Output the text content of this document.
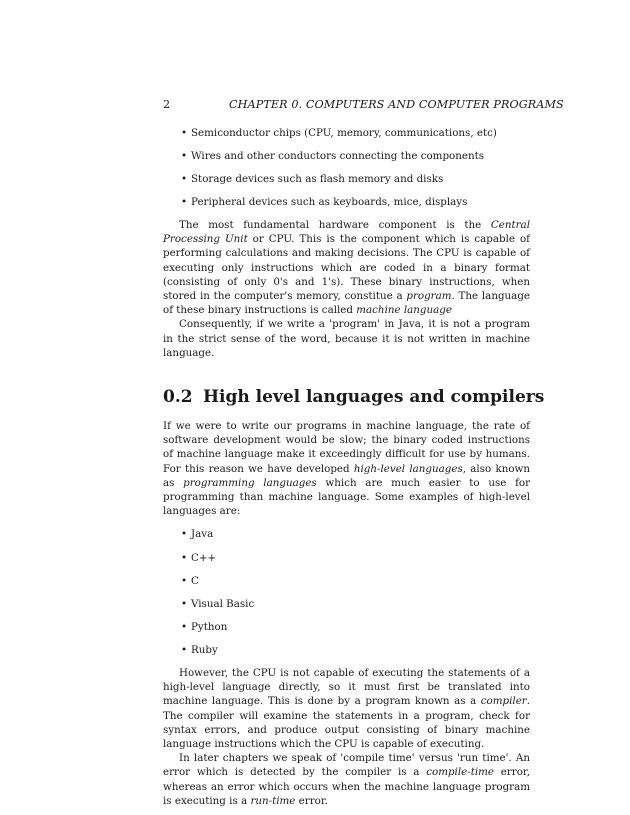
2	CHAPTER 0. COMPUTERS AND COMPUTER PROGRAMS
• Semiconductor chips (CPU, memory, communications, etc)
• Wires and other conductors connecting the components
• Storage devices such as flash memory and disks
• Peripheral devices such as keyboards, mice, displays

The most fundamental hardware component is the Central Processing Unit or CPU. This is the component which is capable of performing calculations and making decisions. The CPU is capable of executing only instructions which are coded in a binary format (consisting of only 0's and 1's). These binary instructions, when stored in the computer's memory, constitue a program. The language of these binary instructions is called machine language

Consequently, if we write a 'program' in Java, it is not a program in the strict sense of the word, because it is not written in machine language.

0.2 High level languages and compilers

If we were to write our programs in machine language, the rate of software development would be slow; the binary coded instructions of machine language make it exceedingly difficult for use by humans. For this reason we have developed high-level languages, also known as programming languages which are much easier to use for programming than machine language. Some examples of high-level languages are:

• Java
• C++
• C
• Visual Basic
• Python
• Ruby

However, the CPU is not capable of executing the statements of a high-level language directly, so it must first be translated into machine language. This is done by a program known as a compiler. The compiler will examine the statements in a program, check for syntax errors, and produce output consisting of binary machine language instructions which the CPU is capable of executing.

In later chapters we speak of 'compile time' versus 'run time'. An error which is detected by the compiler is a compile-time error, whereas an error which occurs when the machine language program is executing is a run-time error.
